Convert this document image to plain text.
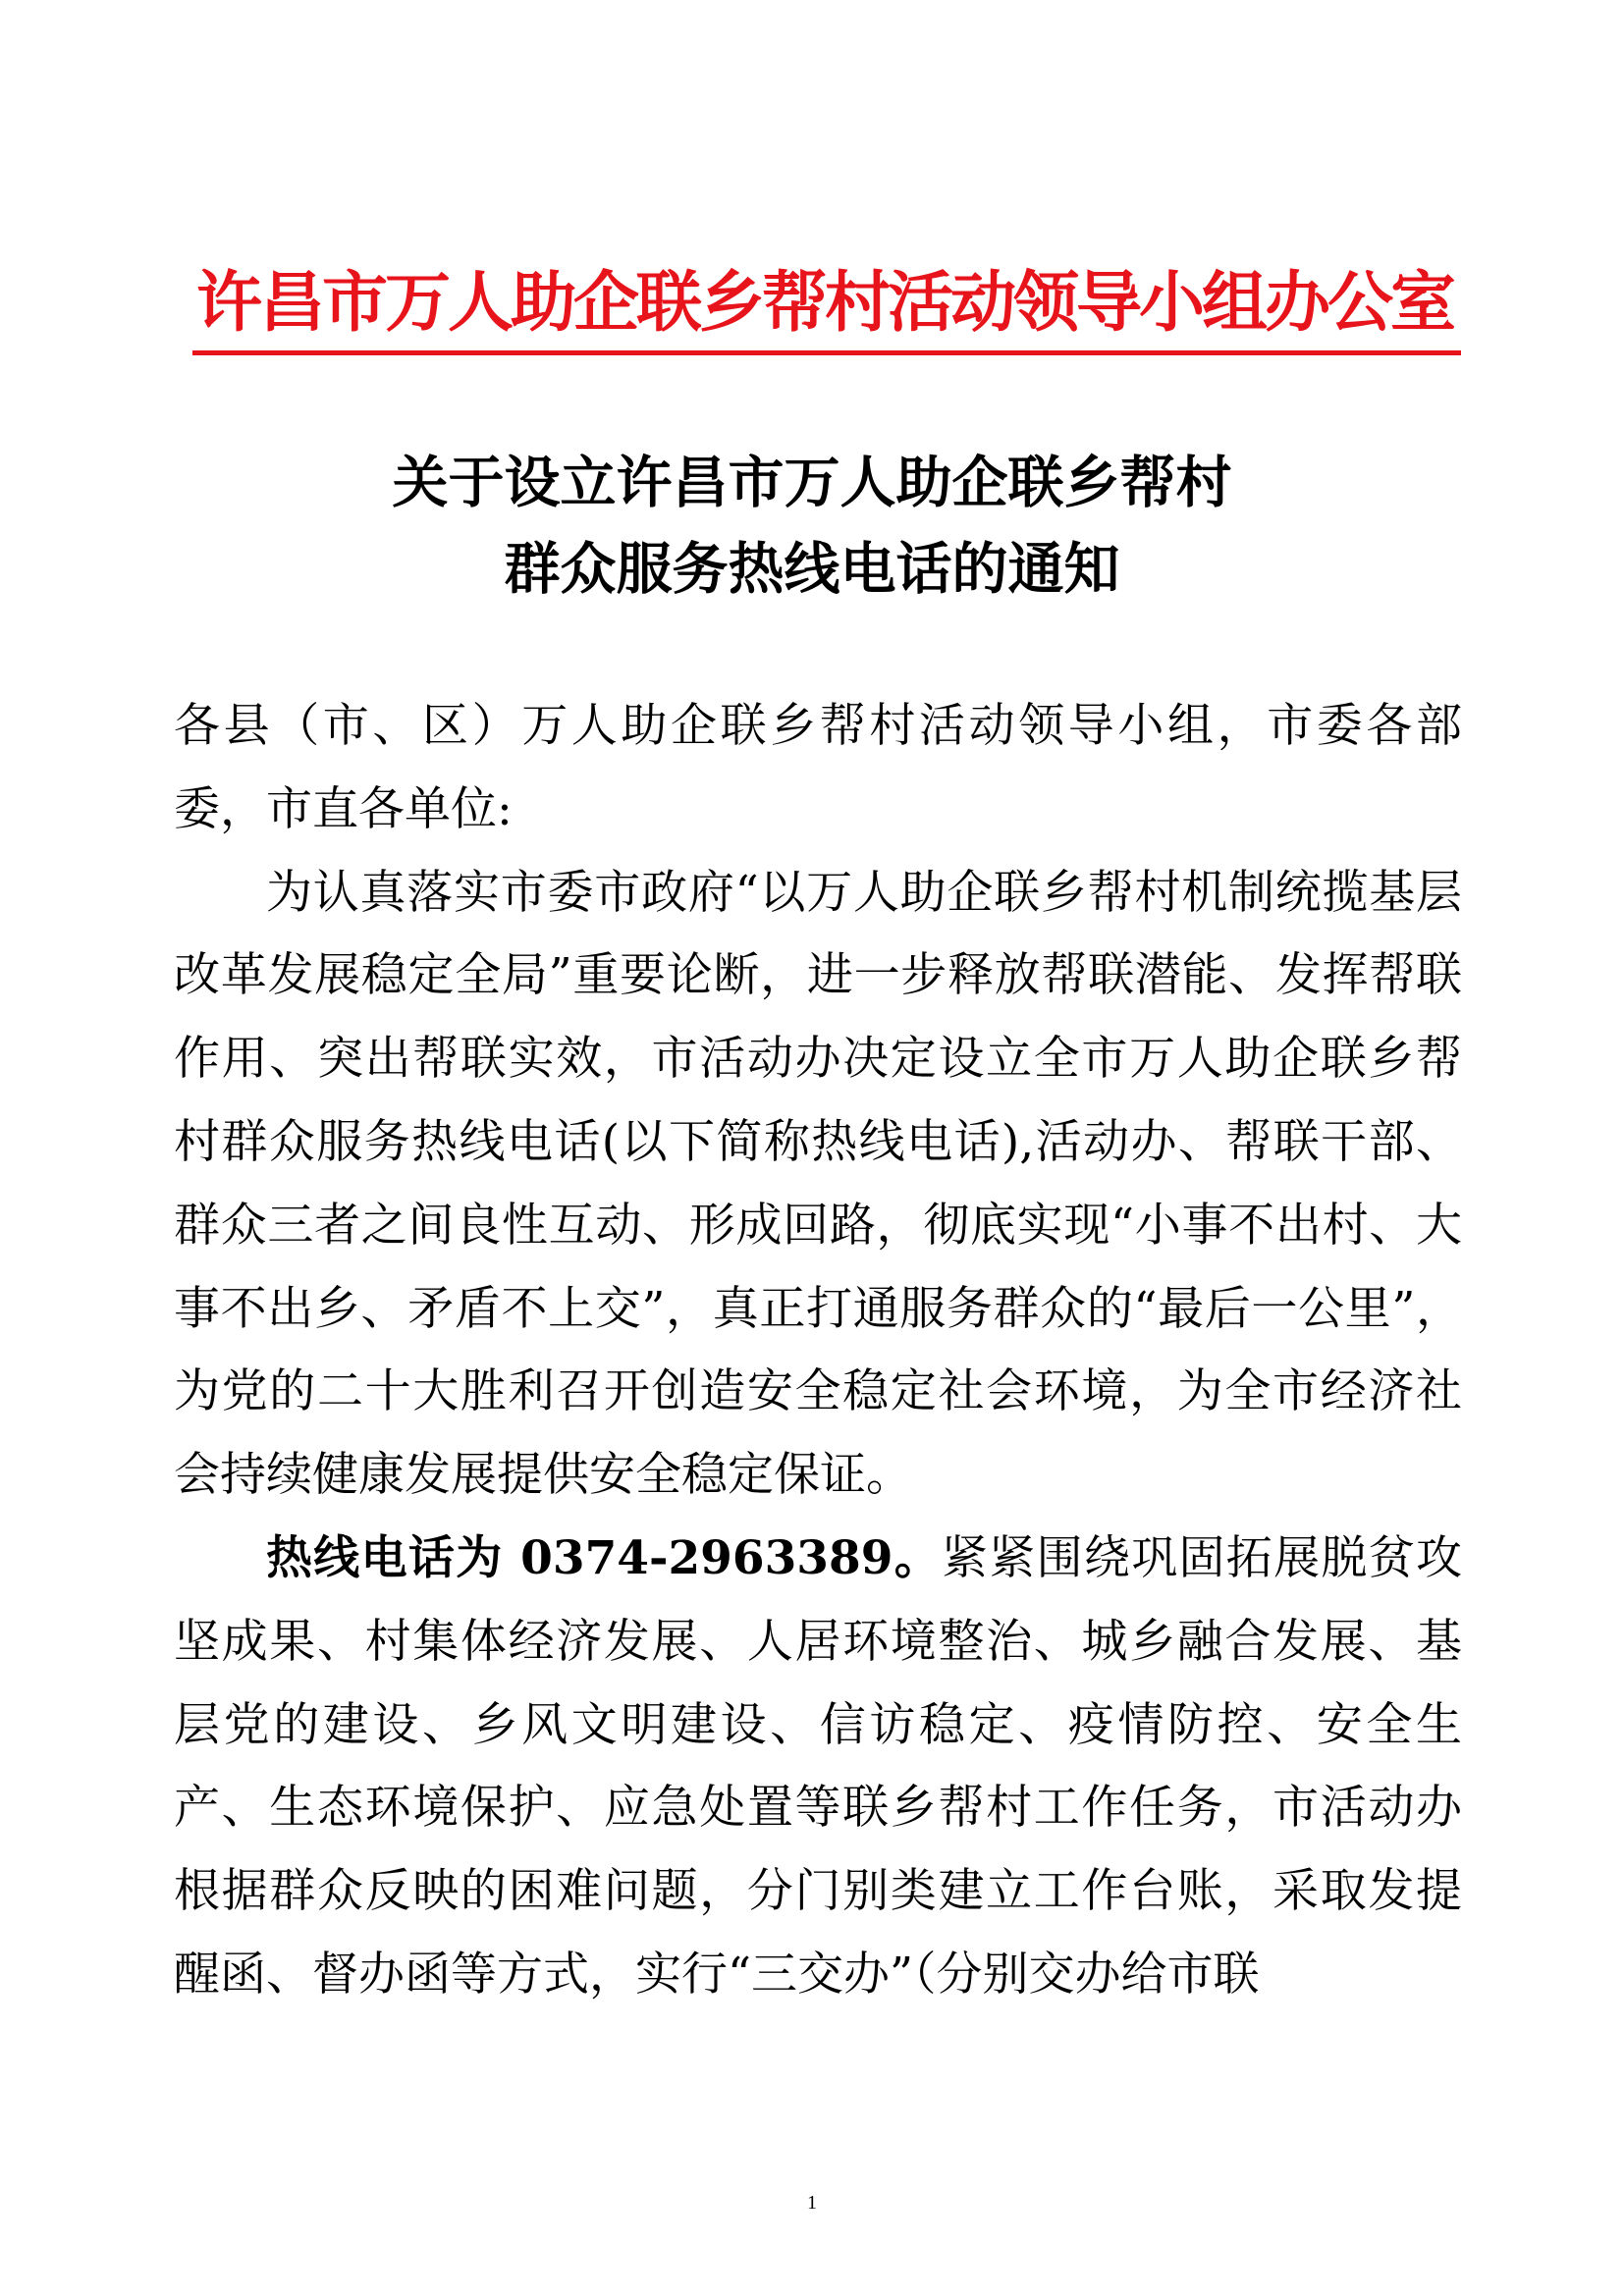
许昌市万人助企联乡帮村活动领导小组办公室
关于设立许昌市万人助企联乡帮村
群众服务热线电话的通知

各县（市、区）万人助企联乡帮村活动领导小组，市委各部委，市直各单位:

为认真落实市委市政府“以万人助企联乡帮村机制统揽基层改革发展稳定全局”重要论断，进一步释放帮联潜能、发挥帮联作用、突出帮联实效，市活动办决定设立全市万人助企联乡帮村群众服务热线电话(以下简称热线电话),活动办、帮联干部、群众三者之间良性互动、形成回路，彻底实现“小事不出村、大事不出乡、矛盾不上交”，真正打通服务群众的“最后一公里”，为党的二十大胜利召开创造安全稳定社会环境，为全市经济社会持续健康发展提供安全稳定保证。

热线电话为 0374-2963389。紧紧围绕巩固拓展脱贫攻坚成果、村集体经济发展、人居环境整治、城乡融合发展、基层党的建设、乡风文明建设、信访稳定、疫情防控、安全生产、生态环境保护、应急处置等联乡帮村工作任务，市活动办根据群众反映的困难问题，分门别类建立工作台账，采取发提醒函、督办函等方式，实行“三交办”（分别交办给市联

1
